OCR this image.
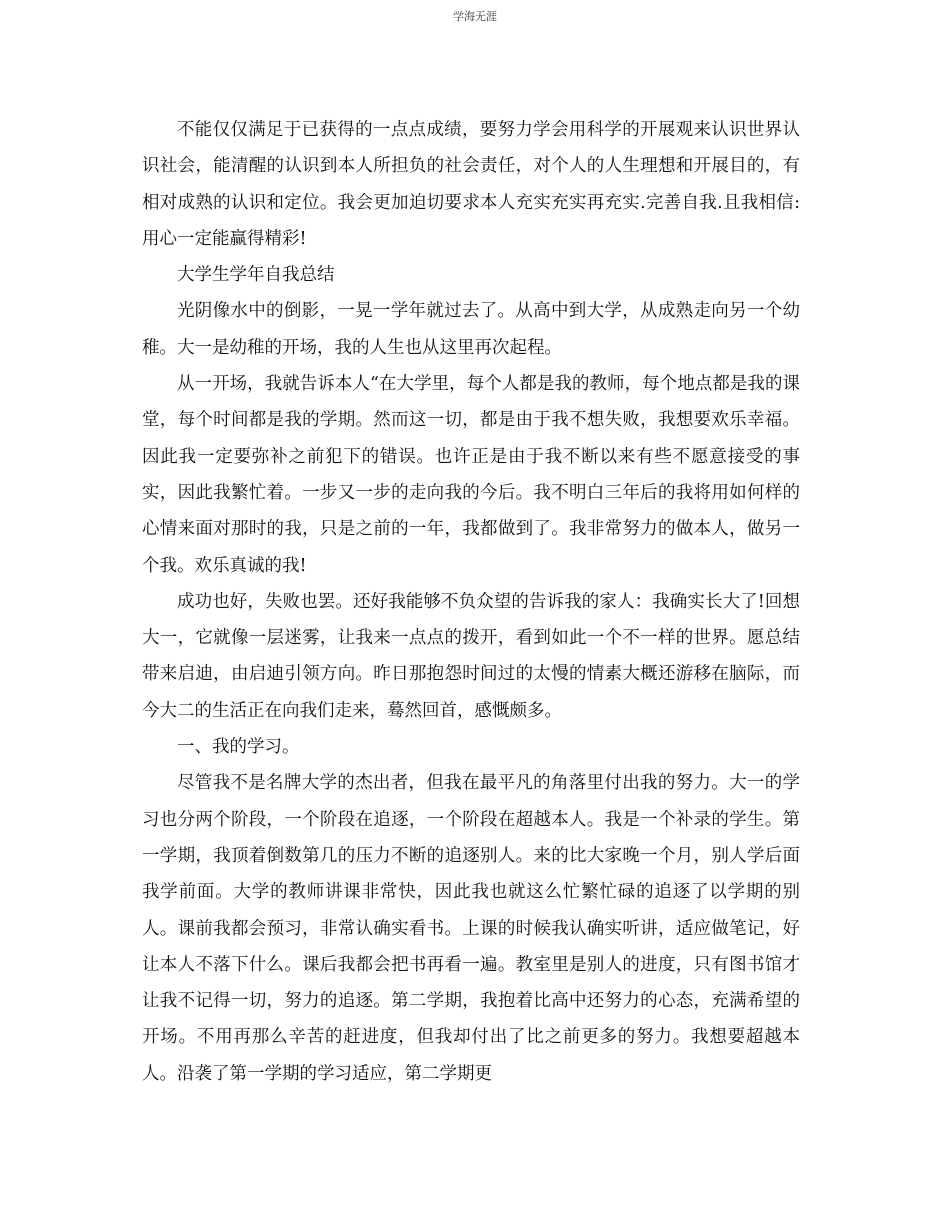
学海无涯

不能仅仅满足于已获得的一点点成绩，要努力学会用科学的开展观来认识世界认识社会，能清醒的认识到本人所担负的社会责任，对个人的人生理想和开展目的，有相对成熟的认识和定位。我会更加迫切要求本人充实充实再充实.完善自我.且我相信:用心一定能赢得精彩!

大学生学年自我总结

光阴像水中的倒影，一晃一学年就过去了。从高中到大学，从成熟走向另一个幼稚。大一是幼稚的开场，我的人生也从这里再次起程。

从一开场，我就告诉本人“在大学里，每个人都是我的教师，每个地点都是我的课堂，每个时间都是我的学期。然而这一切，都是由于我不想失败，我想要欢乐幸福。因此我一定要弥补之前犯下的错误。也许正是由于我不断以来有些不愿意接受的事实，因此我繁忙着。一步又一步的走向我的今后。我不明白三年后的我将用如何样的心情来面对那时的我，只是之前的一年，我都做到了。我非常努力的做本人，做另一个我。欢乐真诚的我!

成功也好，失败也罢。还好我能够不负众望的告诉我的家人：我确实长大了!回想大一，它就像一层迷雾，让我来一点点的拨开，看到如此一个不一样的世界。愿总结带来启迪，由启迪引领方向。昨日那抱怨时间过的太慢的情素大概还游移在脑际，而今大二的生活正在向我们走来，蓦然回首，感慨颇多。

一、我的学习。

尽管我不是名牌大学的杰出者，但我在最平凡的角落里付出我的努力。大一的学习也分两个阶段，一个阶段在追逐，一个阶段在超越本人。我是一个补录的学生。第一学期，我顶着倒数第几的压力不断的追逐别人。来的比大家晚一个月，别人学后面我学前面。大学的教师讲课非常快，因此我也就这么忙繁忙碌的追逐了以学期的别人。课前我都会预习，非常认确实看书。上课的时候我认确实听讲，适应做笔记，好让本人不落下什么。课后我都会把书再看一遍。教室里是别人的进度，只有图书馆才让我不记得一切，努力的追逐。第二学期，我抱着比高中还努力的心态，充满希望的开场。不用再那么辛苦的赶进度，但我却付出了比之前更多的努力。我想要超越本人。沿袭了第一学期的学习适应，第二学期更
